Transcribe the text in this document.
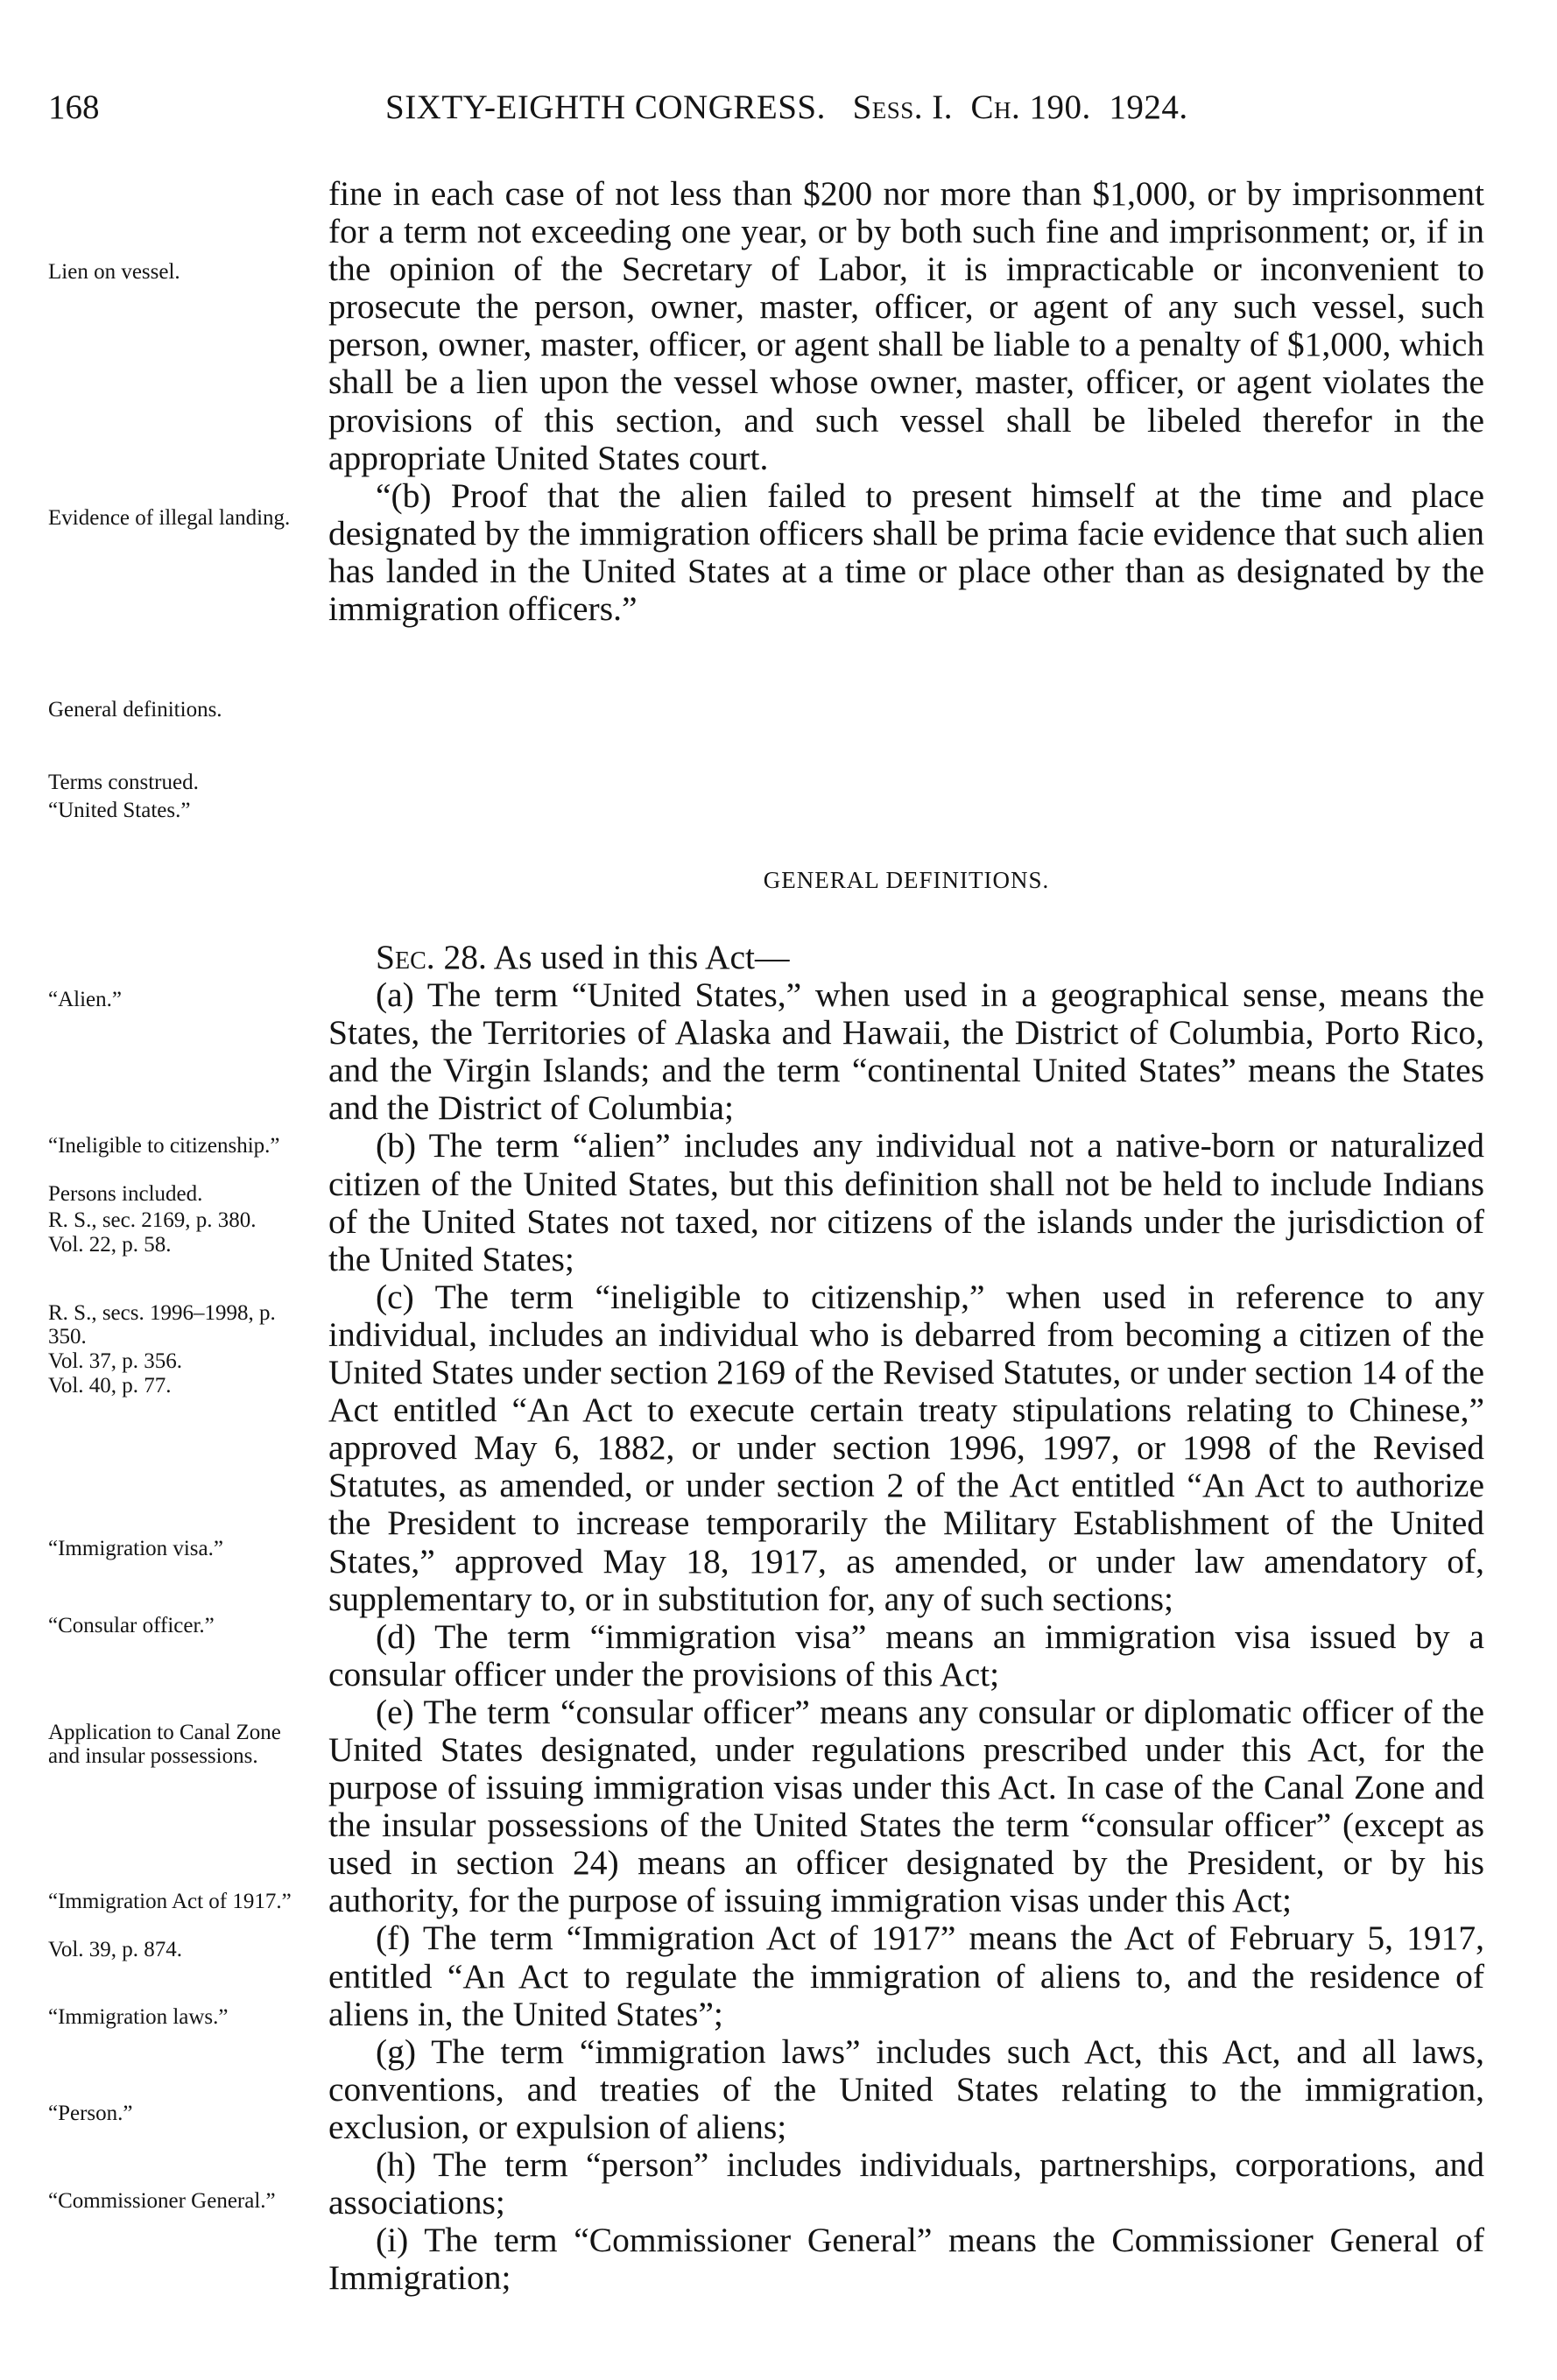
168	SIXTY-EIGHTH CONGRESS. Sess. I. Ch. 190. 1924.
Lien on vessel.
Evidence of illegal landing.
General definitions.
Terms construed.
“United States.”
“Alien.”
“Ineligible to citizenship.”
Persons included.
R. S., sec. 2169, p. 380.
Vol. 22, p. 58.
R. S., secs. 1996–1998, p. 350.
Vol. 37, p. 356.
Vol. 40, p. 77.
“Immigration visa.”
“Consular officer.”
Application to Canal Zone and insular possessions.
“Immigration Act of 1917.”
Vol. 39, p. 874.
“Immigration laws.”
“Person.”
“Commissioner General.”

fine in each case of not less than $200 nor more than $1,000, or by imprisonment for a term not exceeding one year, or by both such fine and imprisonment; or, if in the opinion of the Secretary of Labor, it is impracticable or inconvenient to prosecute the person, owner, master, officer, or agent of any such vessel, such person, owner, master, officer, or agent shall be liable to a penalty of $1,000, which shall be a lien upon the vessel whose owner, master, officer, or agent violates the provisions of this section, and such vessel shall be libeled therefor in the appropriate United States court.

“(b) Proof that the alien failed to present himself at the time and place designated by the immigration officers shall be prima facie evidence that such alien has landed in the United States at a time or place other than as designated by the immigration officers.”

GENERAL DEFINITIONS.

Sec. 28. As used in this Act—

(a) The term “United States,” when used in a geographical sense, means the States, the Territories of Alaska and Hawaii, the District of Columbia, Porto Rico, and the Virgin Islands; and the term “continental United States” means the States and the District of Columbia;

(b) The term “alien” includes any individual not a native-born or naturalized citizen of the United States, but this definition shall not be held to include Indians of the United States not taxed, nor citizens of the islands under the jurisdiction of the United States;

(c) The term “ineligible to citizenship,” when used in reference to any individual, includes an individual who is debarred from becoming a citizen of the United States under section 2169 of the Revised Statutes, or under section 14 of the Act entitled “An Act to execute certain treaty stipulations relating to Chinese,” approved May 6, 1882, or under section 1996, 1997, or 1998 of the Revised Statutes, as amended, or under section 2 of the Act entitled “An Act to authorize the President to increase temporarily the Military Establishment of the United States,” approved May 18, 1917, as amended, or under law amendatory of, supplementary to, or in substitution for, any of such sections;

(d) The term “immigration visa” means an immigration visa issued by a consular officer under the provisions of this Act;

(e) The term “consular officer” means any consular or diplomatic officer of the United States designated, under regulations prescribed under this Act, for the purpose of issuing immigration visas under this Act. In case of the Canal Zone and the insular possessions of the United States the term “consular officer” (except as used in section 24) means an officer designated by the President, or by his authority, for the purpose of issuing immigration visas under this Act;

(f) The term “Immigration Act of 1917” means the Act of February 5, 1917, entitled “An Act to regulate the immigration of aliens to, and the residence of aliens in, the United States”;

(g) The term “immigration laws” includes such Act, this Act, and all laws, conventions, and treaties of the United States relating to the immigration, exclusion, or expulsion of aliens;

(h) The term “person” includes individuals, partnerships, corporations, and associations;

(i) The term “Commissioner General” means the Commissioner General of Immigration;
